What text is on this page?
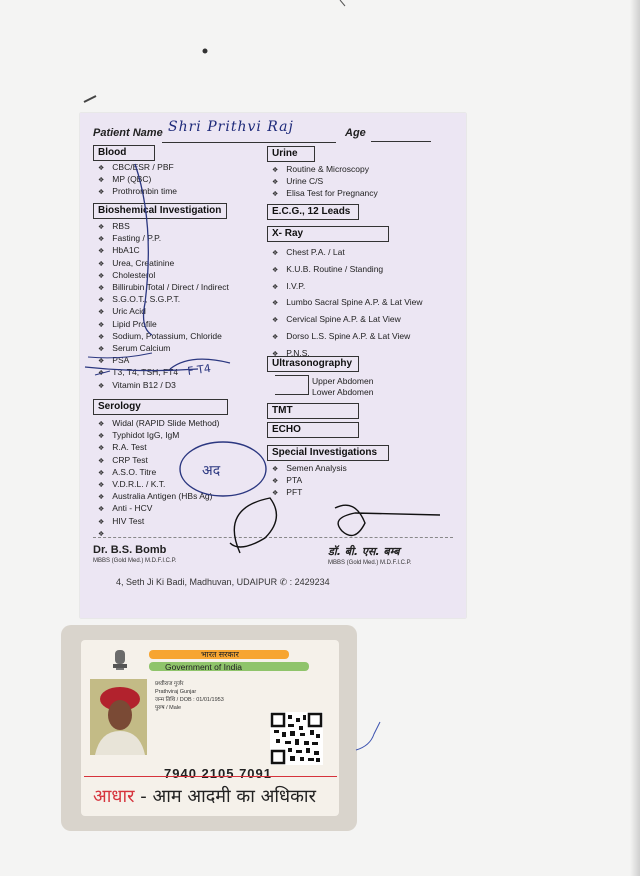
Patient Name Shri Prithvi Raj	Age
Blood
❖ CBC/ESR / PBF
❖ MP (QBC)
❖ Prothrombin time
Bioshemical Investigation
❖ RBS
❖ Fasting / P.P.
❖ HbA1C
❖ Urea, Creatinine
❖ Cholesterol
❖ Billirubin Total / Direct / Indirect
❖ S.G.O.T., S.G.P.T.
❖ Uric Acid
❖ Lipid Profile
❖ Sodium, Potassium, Chloride
❖ Serum Calcium
❖ PSA
❖ T3, T4, TSH, FT4
❖ Vitamin B12 / D3
Serology
❖ Widal (RAPID Slide Method)
❖ Typhidot IgG, IgM
❖ R.A. Test
❖ CRP Test
❖ A.S.O. Titre
❖ V.D.R.L. / K.T.
❖ Australia Antigen (HBs Ag)
❖ Anti - HCV
❖ HIV Test
❖
Urine
❖ Routine & Microscopy
❖ Urine C/S
❖ Elisa Test for Pregnancy
E.C.G., 12 Leads
X- Ray
❖ Chest P.A. / Lat
❖ K.U.B. Routine / Standing
❖ I.V.P.
❖ Lumbo Sacral Spine A.P. & Lat View
❖ Cervical Spine A.P. & Lat View
❖ Dorso L.S. Spine A.P. & Lat View
❖ P.N.S.
Ultrasonography
Upper Abdomen
Lower Abdomen
TMT
ECHO
Special Investigations
❖ Semen Analysis
❖ PTA
❖ PFT
Dr. B.S. Bomb
MBBS (Gold Med.) M.D.F.I.C.P.
डॉ. बी. एस. बम्ब
MBBS (Gold Med.) M.D.F.I.C.P.
4, Seth Ji Ki Badi, Madhuvan, UDAIPUR ✆ : 2429234
F T4
अद
भारत सरकार
Government of India
प्रथ्वीराज गुर्जर
Prathviraj Gunjar
जन्म तिथि / DOB : 01/01/1953
पुरुष / Male
7940 2105 7091
आधार - आम आदमी का अधिकार
